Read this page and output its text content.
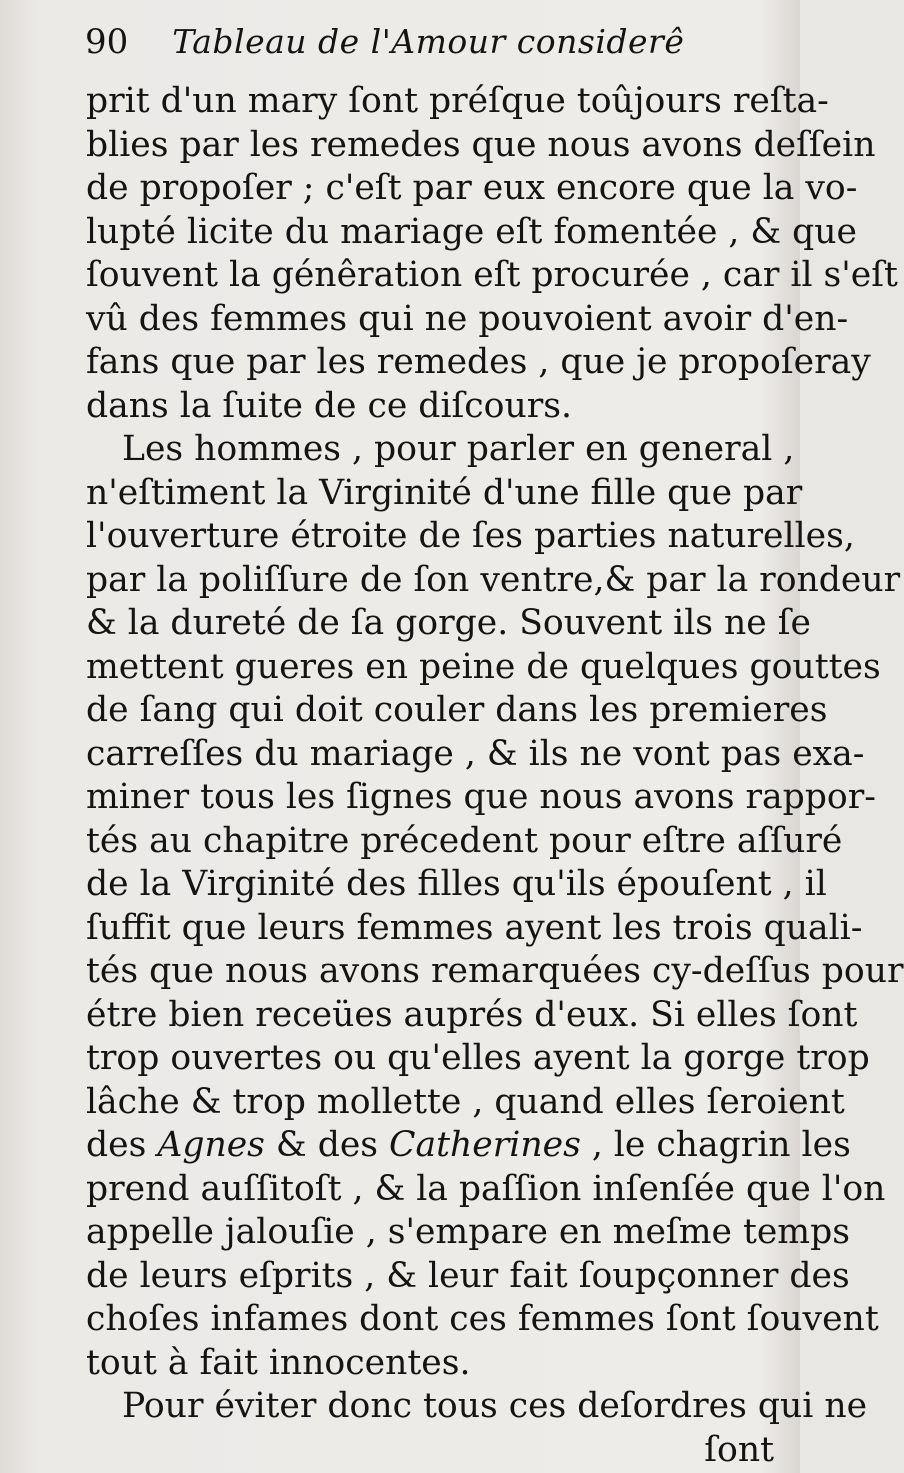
90 Tableau de l'Amour considerê
prit d'un mary ſont préſque toûjours reſta-
blies par les remedes que nous avons deſſein
de propoſer ; c'eſt par eux encore que la vo-
lupté licite du mariage eſt fomentée , & que
ſouvent la génêration eſt procurée , car il s'eſt
vû des femmes qui ne pouvoient avoir d'en-
fans que par les remedes , que je propoſeray
dans la ſuite de ce diſcours.
Les hommes , pour parler en general ,
n'eſtiment la Virginité d'une fille que par
l'ouverture étroite de ſes parties naturelles,
par la poliſſure de ſon ventre,& par la rondeur
& la dureté de ſa gorge. Souvent ils ne ſe
mettent gueres en peine de quelques gouttes
de ſang qui doit couler dans les premieres
carreſſes du mariage , & ils ne vont pas exa-
miner tous les ſignes que nous avons rappor-
tés au chapitre précedent pour eſtre aſſuré
de la Virginité des filles qu'ils épouſent , il
ſuffit que leurs femmes ayent les trois quali-
tés que nous avons remarquées cy-deſſus pour
étre bien receües auprés d'eux. Si elles ſont
trop ouvertes ou qu'elles ayent la gorge trop
lâche & trop mollette , quand elles ſeroient
des Agnes & des Catherines , le chagrin les
prend auſſitoſt , & la paſſion inſenſée que l'on
appelle jalouſie , s'empare en meſme temps
de leurs eſprits , & leur fait ſoupçonner des
choſes infames dont ces femmes ſont ſouvent
tout à fait innocentes.
Pour éviter donc tous ces deſordres qui ne
ſont
